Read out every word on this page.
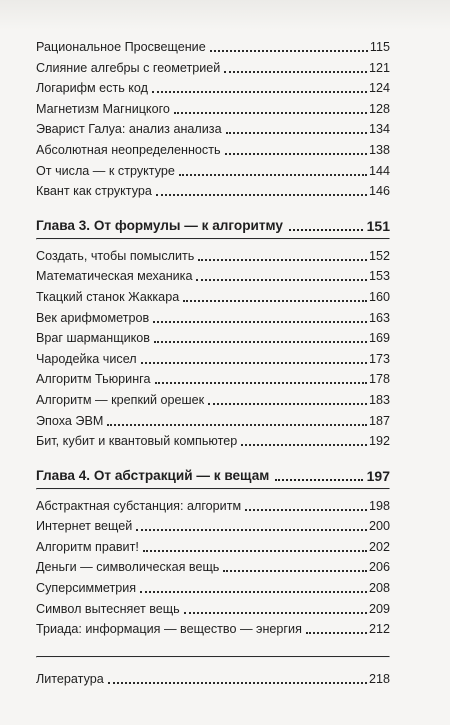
Рациональное Просвещение	115
Слияние алгебры с геометрией	121
Логарифм есть код	124
Магнетизм Магницкого	128
Эварист Галуа: анализ анализа	134
Абсолютная неопределенность	138
От числа — к структуре	144
Квант как структура	146
Глава 3. От формулы — к алгоритму	151
Создать, чтобы помыслить	152
Математическая механика	153
Ткацкий станок Жаккара	160
Век арифмометров	163
Враг шарманщиков	169
Чародейка чисел	173
Алгоритм Тьюринга	178
Алгоритм — крепкий орешек	183
Эпоха ЭВМ	187
Бит, кубит и квантовый компьютер	192
Глава 4. От абстракций — к вещам	197
Абстрактная субстанция: алгоритм	198
Интернет вещей	200
Алгоритм правит!	202
Деньги — символическая вещь	206
Суперсимметрия	208
Символ вытесняет вещь	209
Триада: информация — вещество — энергия	212
Литература	218
